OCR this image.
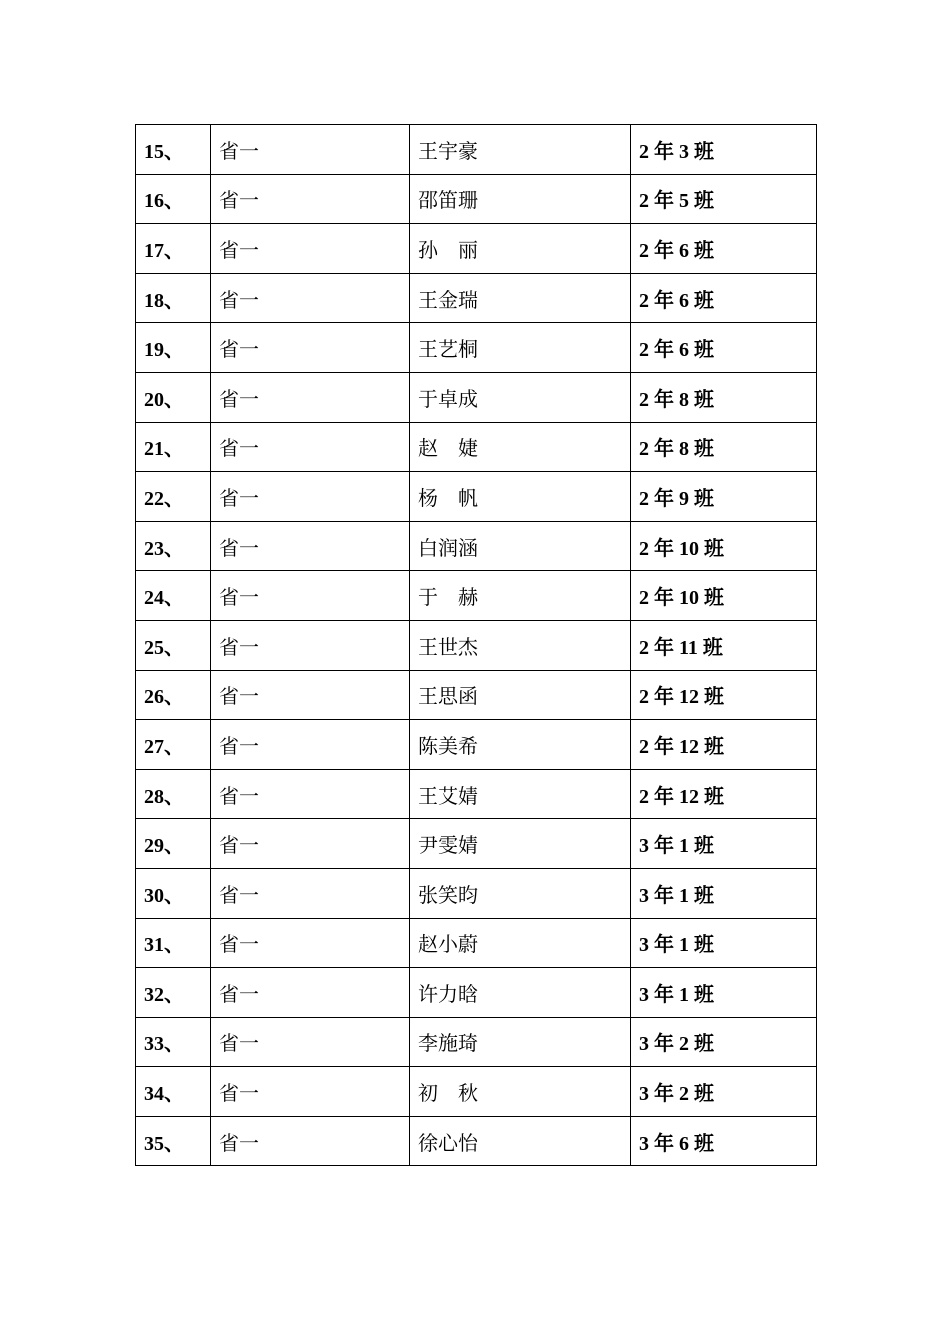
15、	省一	王宇豪	2 年 3 班
16、	省一	邵笛珊	2 年 5 班
17、	省一	孙    丽	2 年 6 班
18、	省一	王金瑞	2 年 6 班
19、	省一	王艺桐	2 年 6 班
20、	省一	于卓成	2 年 8 班
21、	省一	赵    婕	2 年 8 班
22、	省一	杨    帆	2 年 9 班
23、	省一	白润涵	2 年 10 班
24、	省一	于    赫	2 年 10 班
25、	省一	王世杰	2 年 11 班
26、	省一	王思函	2 年 12 班
27、	省一	陈美希	2 年 12 班
28、	省一	王艾婧	2 年 12 班
29、	省一	尹雯婧	3 年 1 班
30、	省一	张笑昀	3 年 1 班
31、	省一	赵小蔚	3 年 1 班
32、	省一	许力晗	3 年 1 班
33、	省一	李施琦	3 年 2 班
34、	省一	初    秋	3 年 2 班
35、	省一	徐心怡	3 年 6 班
